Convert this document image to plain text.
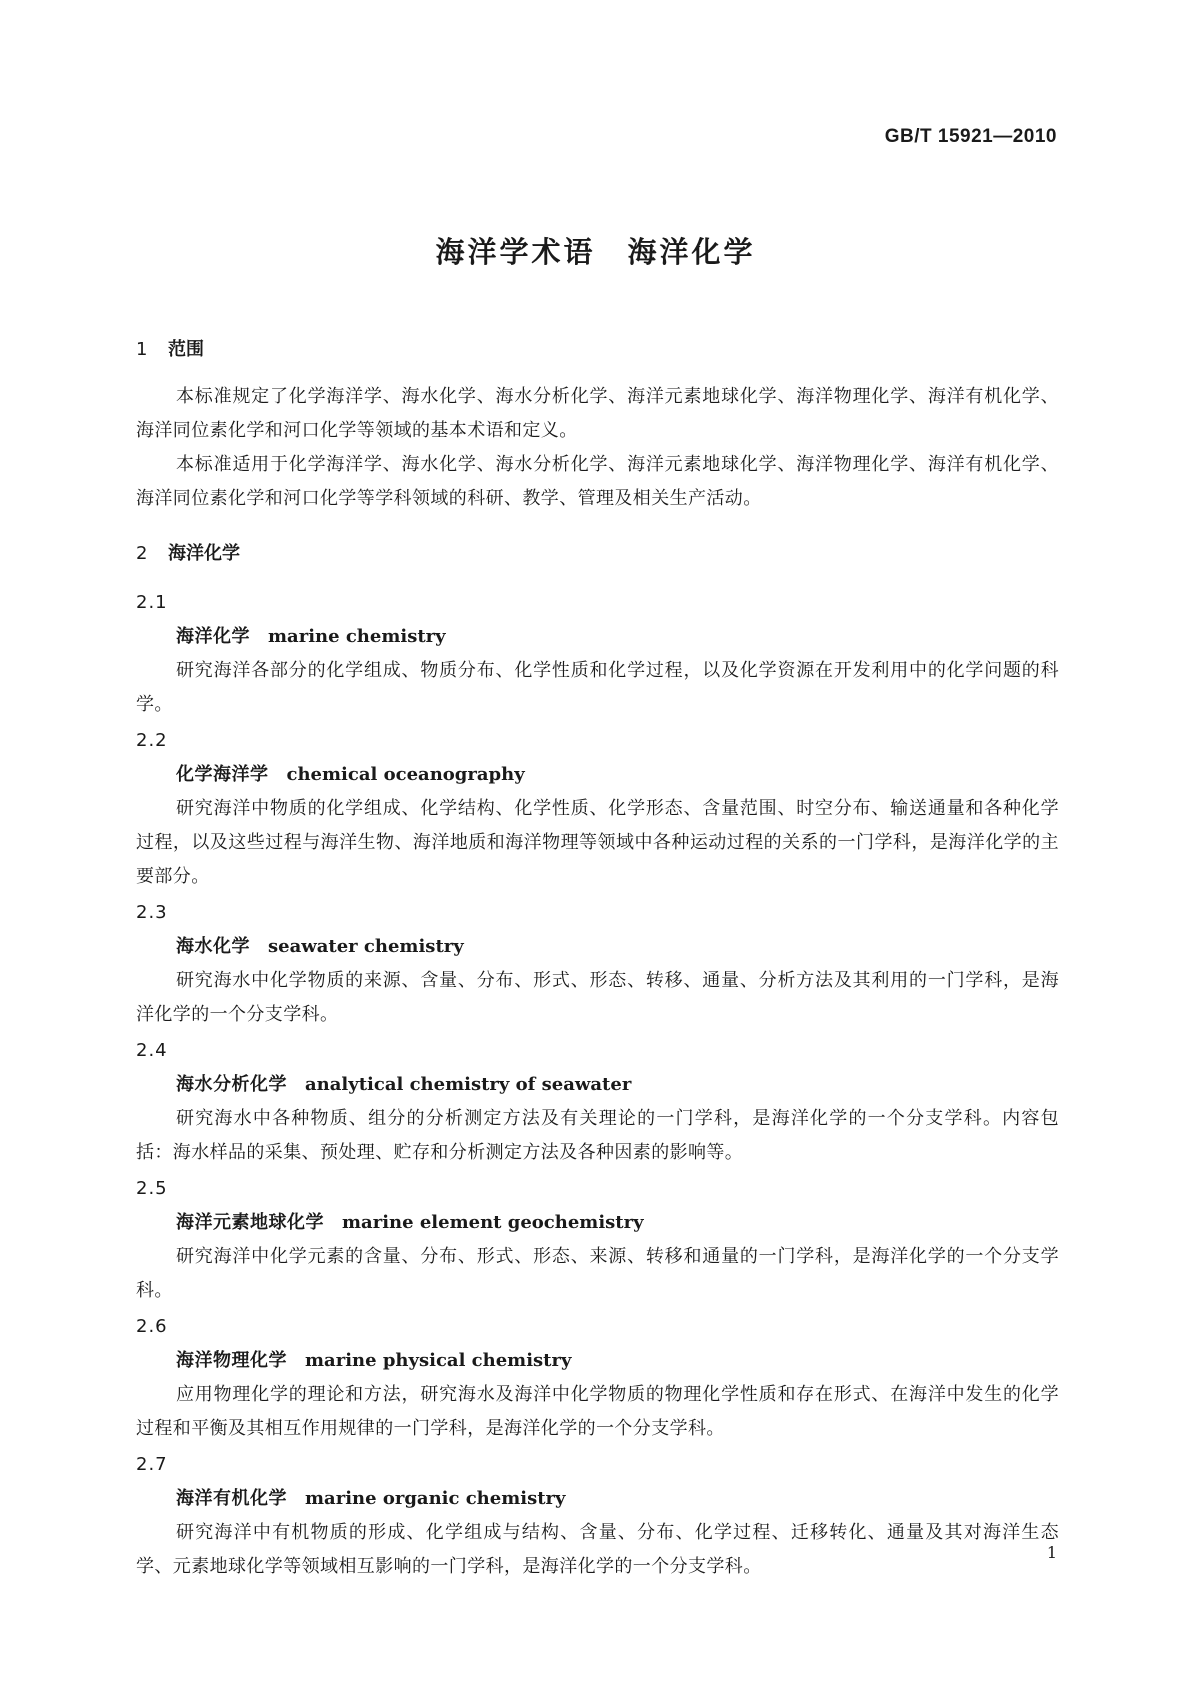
GB/T 15921—2010
海洋学术语　海洋化学
1 范围

本标准规定了化学海洋学、海水化学、海水分析化学、海洋元素地球化学、海洋物理化学、海洋有机化学、海洋同位素化学和河口化学等领域的基本术语和定义。

本标准适用于化学海洋学、海水化学、海水分析化学、海洋元素地球化学、海洋物理化学、海洋有机化学、海洋同位素化学和河口化学等学科领域的科研、教学、管理及相关生产活动。

2 海洋化学
2.1
海洋化学 marine chemistry

研究海洋各部分的化学组成、物质分布、化学性质和化学过程，以及化学资源在开发利用中的化学问题的科学。

2.2
化学海洋学 chemical oceanography

研究海洋中物质的化学组成、化学结构、化学性质、化学形态、含量范围、时空分布、输送通量和各种化学过程，以及这些过程与海洋生物、海洋地质和海洋物理等领域中各种运动过程的关系的一门学科，是海洋化学的主要部分。

2.3
海水化学 seawater chemistry

研究海水中化学物质的来源、含量、分布、形式、形态、转移、通量、分析方法及其利用的一门学科，是海洋化学的一个分支学科。

2.4
海水分析化学 analytical chemistry of seawater

研究海水中各种物质、组分的分析测定方法及有关理论的一门学科，是海洋化学的一个分支学科。内容包括：海水样品的采集、预处理、贮存和分析测定方法及各种因素的影响等。

2.5
海洋元素地球化学 marine element geochemistry

研究海洋中化学元素的含量、分布、形式、形态、来源、转移和通量的一门学科，是海洋化学的一个分支学科。

2.6
海洋物理化学 marine physical chemistry

应用物理化学的理论和方法，研究海水及海洋中化学物质的物理化学性质和存在形式、在海洋中发生的化学过程和平衡及其相互作用规律的一门学科，是海洋化学的一个分支学科。

2.7
海洋有机化学 marine organic chemistry

研究海洋中有机物质的形成、化学组成与结构、含量、分布、化学过程、迁移转化、通量及其对海洋生态学、元素地球化学等领域相互影响的一门学科，是海洋化学的一个分支学科。

1
